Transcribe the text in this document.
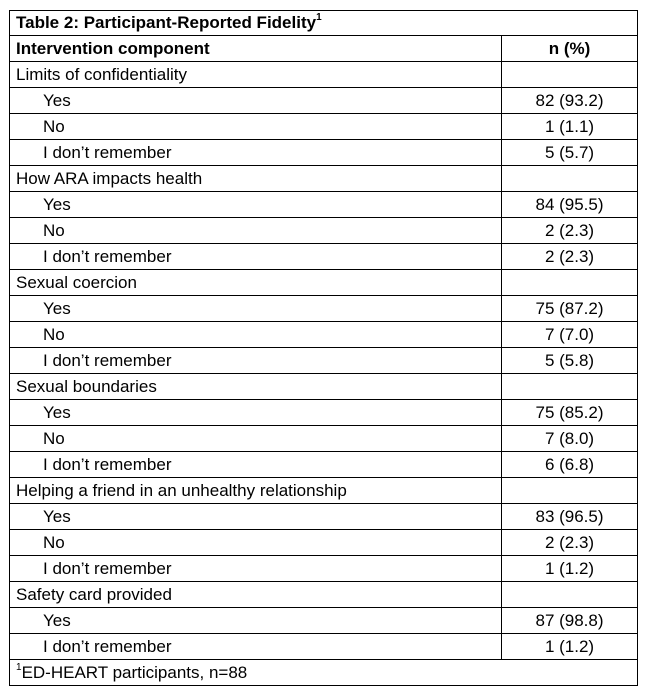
Table 2: Participant-Reported Fidelity$^1$
Intervention component	n (%)
Limits of confidentiality	
Yes	82 (93.2)
No	1 (1.1)
I don’t remember	5 (5.7)
How ARA impacts health	
Yes	84 (95.5)
No	2 (2.3)
I don’t remember	2 (2.3)
Sexual coercion	
Yes	75 (87.2)
No	7 (7.0)
I don’t remember	5 (5.8)
Sexual boundaries	
Yes	75 (85.2)
No	7 (8.0)
I don’t remember	6 (6.8)
Helping a friend in an unhealthy relationship	
Yes	83 (96.5)
No	2 (2.3)
I don’t remember	1 (1.2)
Safety card provided	
Yes	87 (98.8)
I don’t remember	1 (1.2)
$^1$ED-HEART participants, n=88	
